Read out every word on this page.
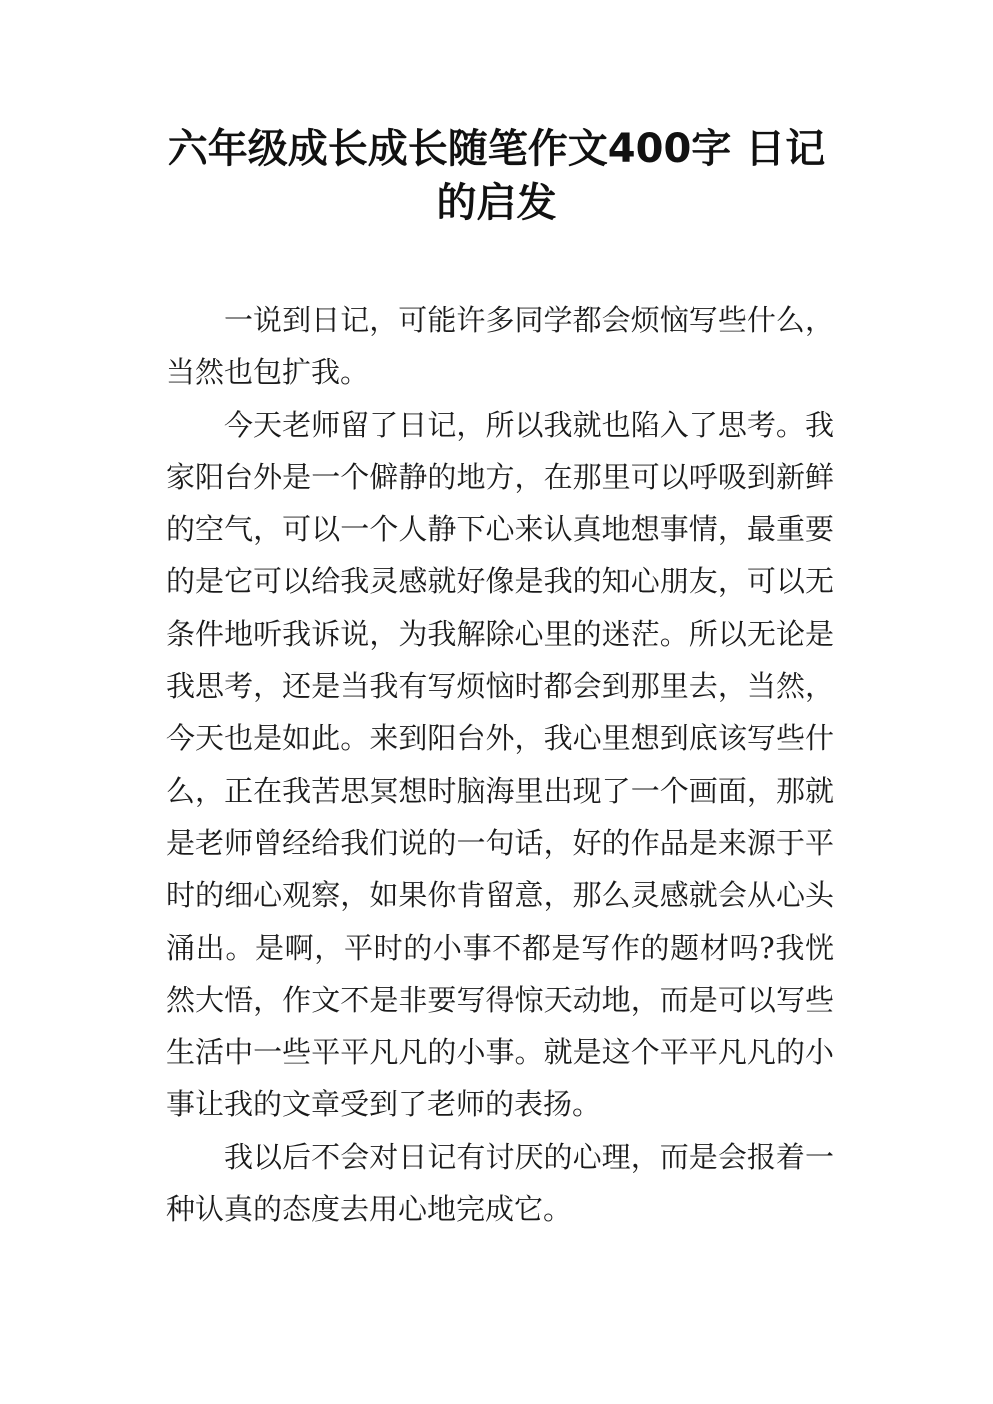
六年级成长成长随笔作文400字 日记的启发

一说到日记，可能许多同学都会烦恼写些什么，当然也包扩我。

今天老师留了日记，所以我就也陷入了思考。我家阳台外是一个僻静的地方，在那里可以呼吸到新鲜的空气，可以一个人静下心来认真地想事情，最重要的是它可以给我灵感就好像是我的知心朋友，可以无条件地听我诉说，为我解除心里的迷茫。所以无论是我思考，还是当我有写烦恼时都会到那里去，当然，今天也是如此。来到阳台外，我心里想到底该写些什么，正在我苦思冥想时脑海里出现了一个画面，那就是老师曾经给我们说的一句话，好的作品是来源于平时的细心观察，如果你肯留意，那么灵感就会从心头涌出。是啊，平时的小事不都是写作的题材吗?我恍然大悟，作文不是非要写得惊天动地，而是可以写些生活中一些平平凡凡的小事。就是这个平平凡凡的小事让我的文章受到了老师的表扬。

我以后不会对日记有讨厌的心理，而是会报着一种认真的态度去用心地完成它。
